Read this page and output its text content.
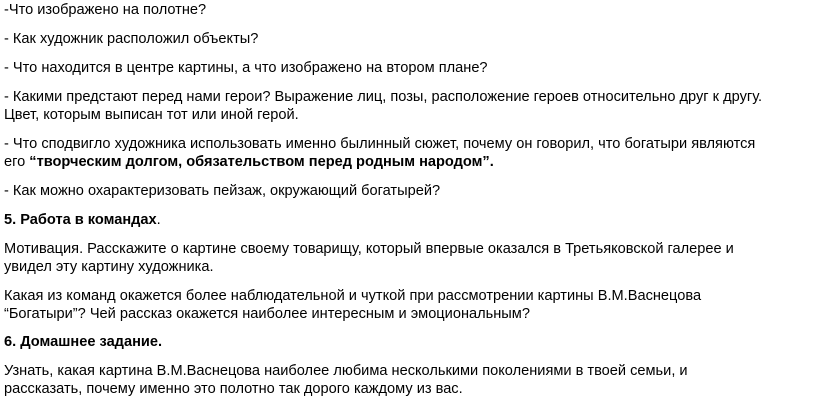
-Что изображено на полотне?
- Как художник расположил объекты?
- Что находится в центре картины, а что изображено на втором плане?
- Какими предстают перед нами герои? Выражение лиц, позы, расположение героев относительно друг к другу.
Цвет, которым выписан тот или иной герой.
- Что сподвигло художника использовать именно былинный сюжет, почему он говорил, что богатыри являются
его “творческим долгом, обязательством перед родным народом”.
- Как можно охарактеризовать пейзаж, окружающий богатырей?
5. Работа в командах.
Мотивация. Расскажите о картине своему товарищу, который впервые оказался в Третьяковской галерее и
увидел эту картину художника.
Какая из команд окажется более наблюдательной и чуткой при рассмотрении картины В.М.Васнецова
“Богатыри”? Чей рассказ окажется наиболее интересным и эмоциональным?
6. Домашнее задание.
Узнать, какая картина В.М.Васнецова наиболее любима несколькими поколениями в твоей семьи, и
рассказать, почему именно это полотно так дорого каждому из вас.
